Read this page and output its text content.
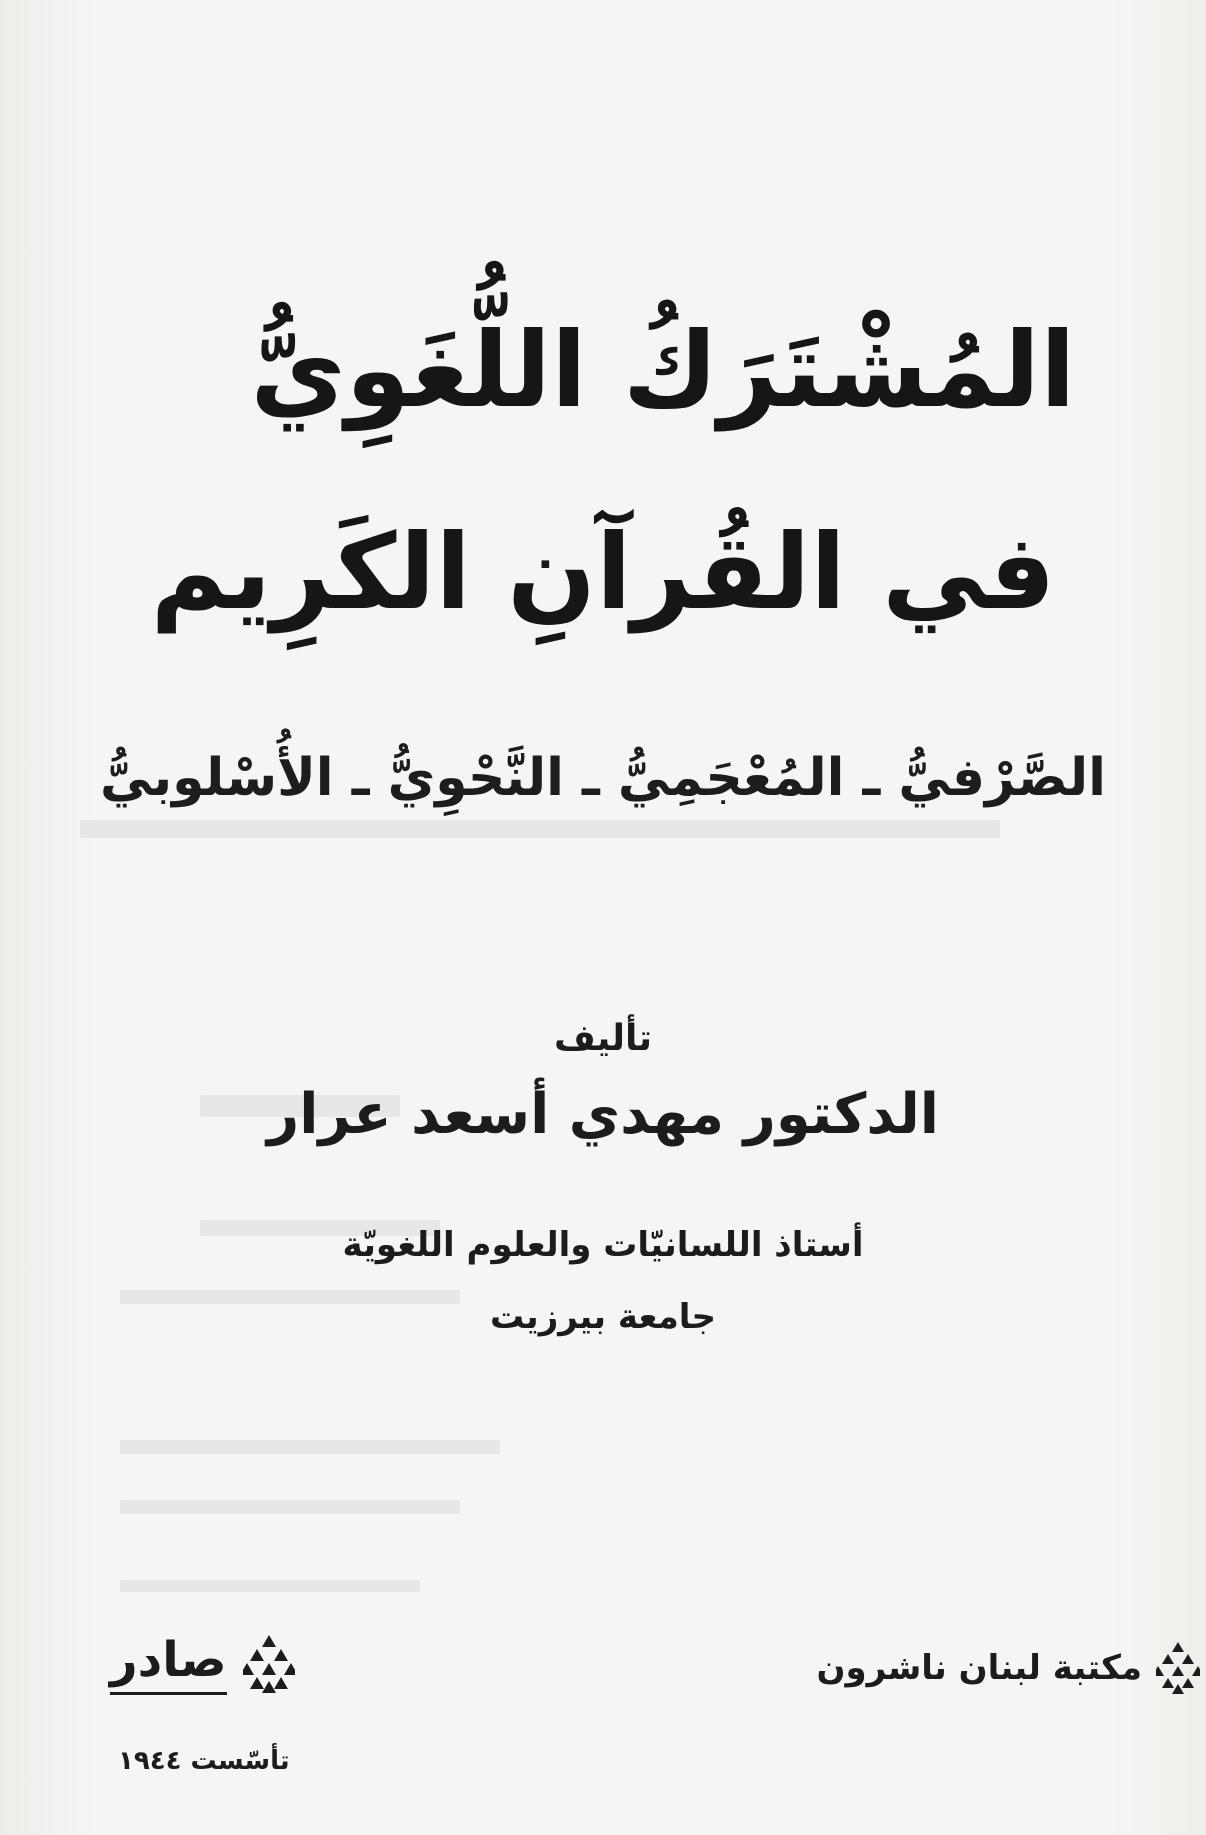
المُشْتَرَكُ اللُّغَوِيُّ
في القُرآنِ الكَرِيم
الصَّرْفيُّ ـ المُعْجَمِيُّ ـ النَّحْوِيُّ ـ الأُسْلوبيُّ
تأليف
الدكتور مهدي أسعد عرار
أستاذ اللسانيّات والعلوم اللغويّة
جامعة بيرزيت
مكتبة لبنان ناشرون
صادر
تأسّست ١٩٤٤
